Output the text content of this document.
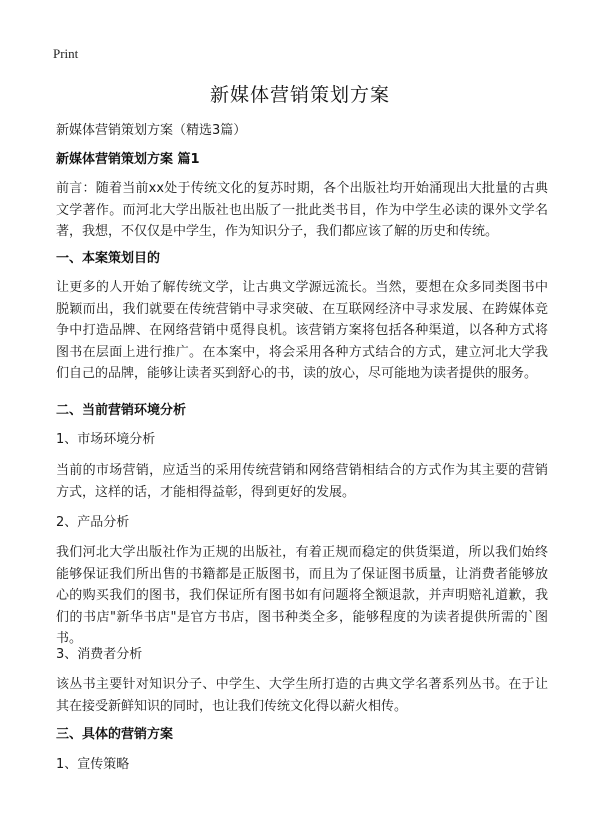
Print
新媒体营销策划方案

新媒体营销策划方案（精选3篇）

新媒体营销策划方案 篇1

前言：随着当前xx处于传统文化的复苏时期，各个出版社均开始涌现出大批量的古典文学著作。而河北大学出版社也出版了一批此类书目，作为中学生必读的课外文学名著，我想，不仅仅是中学生，作为知识分子，我们都应该了解的历史和传统。

一、本案策划目的

让更多的人开始了解传统文学，让古典文学源远流长。当然，要想在众多同类图书中脱颖而出，我们就要在传统营销中寻求突破、在互联网经济中寻求发展、在跨媒体竞争中打造品牌、在网络营销中觅得良机。该营销方案将包括各种渠道，以各种方式将图书在层面上进行推广。在本案中，将会采用各种方式结合的方式，建立河北大学我们自己的品牌，能够让读者买到舒心的书，读的放心，尽可能地为读者提供的服务。

二、当前营销环境分析

1、市场环境分析

当前的市场营销，应适当的采用传统营销和网络营销相结合的方式作为其主要的营销方式，这样的话，才能相得益彰，得到更好的发展。

2、产品分析

我们河北大学出版社作为正规的出版社，有着正规而稳定的供货渠道，所以我们始终能够保证我们所出售的书籍都是正版图书，而且为了保证图书质量，让消费者能够放心的购买我们的图书，我们保证所有图书如有问题将全额退款，并声明赔礼道歉，我们的书店"新华书店"是官方书店，图书种类全多，能够程度的为读者提供所需的`图书。

3、消费者分析

该丛书主要针对知识分子、中学生、大学生所打造的古典文学名著系列丛书。在于让其在接受新鲜知识的同时，也让我们传统文化得以薪火相传。

三、具体的营销方案

1、宣传策略
